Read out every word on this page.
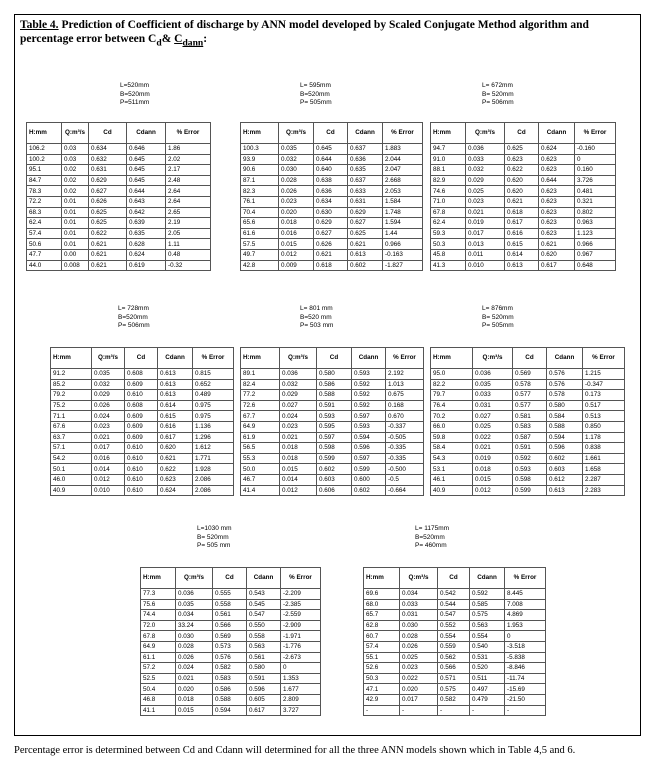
Table 4. Prediction of Coefficient of discharge by ANN model developed by Scaled Conjugate Method algorithm and percentage error between $C_d\&$ $C_{dann}$:
L=520mm
B=520mm
P=511mm
H:mm	Q:m³/s	Cd	Cdann	% Error
106.2	0.03	0.634	0.646	1.86
100.2	0.03	0.632	0.645	2.02
95.1	0.02	0.631	0.645	2.17
84.7	0.02	0.629	0.645	2.48
78.3	0.02	0.627	0.644	2.64
72.2	0.01	0.626	0.643	2.64
68.3	0.01	0.625	0.642	2.65
62.4	0.01	0.625	0.639	2.19
57.4	0.01	0.622	0.635	2.05
50.6	0.01	0.621	0.628	1.11
47.7	0.00	0.621	0.624	0.48
44.0	0.008	0.621	0.619	-0.32
L= 595mm
B=520mm
P= 505mm
H:mm	Q:m³/s	Cd	Cdann	% Error
100.3	0.035	0.645	0.637	1.883
93.9	0.032	0.644	0.636	2.044
90.6	0.030	0.640	0.635	2.047
87.1	0.028	0.638	0.637	2.668
82.3	0.026	0.636	0.633	2.053
76.1	0.023	0.634	0.631	1.584
70.4	0.020	0.630	0.629	1.748
65.6	0.018	0.629	0.627	1.594
61.6	0.016	0.627	0.625	1.44
57.5	0.015	0.626	0.621	0.966
49.7	0.012	0.621	0.613	-0.163
42.8	0.009	0.618	0.602	-1.827
L= 672mm
B= 520mm
P= 506mm
H:mm	Q:m³/s	Cd	Cdann	% Error
94.7	0.036	0.625	0.624	-0.160
91.0	0.033	0.623	0.623	0
88.1	0.032	0.622	0.623	0.160
82.9	0.029	0.620	0.644	3.726
74.6	0.025	0.620	0.623	0.481
71.0	0.023	0.621	0.623	0.321
67.8	0.021	0.618	0.623	0.802
62.4	0.019	0.617	0.623	0.963
59.3	0.017	0.616	0.623	1.123
50.3	0.013	0.615	0.621	0.966
45.8	0.011	0.614	0.620	0.967
41.3	0.010	0.613	0.617	0.648
L= 728mm
B=520mm
P= 506mm
H:mm	Q:m³/s	Cd	Cdann	% Error
91.2	0.035	0.608	0.613	0.815
85.2	0.032	0.609	0.613	0.652
79.2	0.029	0.610	0.613	0.489
75.2	0.026	0.608	0.614	0.975
71.1	0.024	0.609	0.615	0.975
67.6	0.023	0.609	0.616	1.136
63.7	0.021	0.609	0.617	1.296
57.1	0.017	0.610	0.620	1.612
54.2	0.016	0.610	0.621	1.771
50.1	0.014	0.610	0.622	1.928
46.0	0.012	0.610	0.623	2.086
40.9	0.010	0.610	0.624	2.086
L= 801 mm
B=520 mm
P= 503 mm
H:mm	Q:m³/s	Cd	Cdann	% Error
89.1	0.036	0.580	0.593	2.192
82.4	0.032	0.586	0.592	1.013
77.2	0.029	0.588	0.592	0.675
72.6	0.027	0.591	0.592	0.168
67.7	0.024	0.593	0.597	0.670
64.9	0.023	0.595	0.593	-0.337
61.9	0.021	0.597	0.594	-0.505
56.5	0.018	0.598	0.596	-0.335
55.3	0.018	0.599	0.597	-0.335
50.0	0.015	0.602	0.599	-0.500
46.7	0.014	0.603	0.600	-0.5
41.4	0.012	0.606	0.602	-0.664
L= 876mm
B= 520mm
P= 505mm
H:mm	Q:m³/s	Cd	Cdann	% Error
95.0	0.036	0.569	0.576	1.215
82.2	0.035	0.578	0.576	-0.347
79.7	0.033	0.577	0.578	0.173
76.4	0.031	0.577	0.580	0.517
70.2	0.027	0.581	0.584	0.513
66.0	0.025	0.583	0.588	0.850
59.8	0.022	0.587	0.594	1.178
58.4	0.021	0.591	0.596	0.838
54.3	0.019	0.592	0.602	1.661
53.1	0.018	0.593	0.603	1.658
46.1	0.015	0.598	0.612	2.287
40.9	0.012	0.599	0.613	2.283
L=1030 mm
B= 520mm
P= 505 mm
H:mm	Q:m³/s	Cd	Cdann	% Error
77.3	0.036	0.555	0.543	-2.209
75.6	0.035	0.558	0.545	-2.385
74.4	0.034	0.561	0.547	-2.559
72.0	33.24	0.566	0.550	-2.909
67.8	0.030	0.569	0.558	-1.971
64.9	0.028	0.573	0.563	-1.776
61.1	0.026	0.576	0.561	-2.673
57.2	0.024	0.582	0.580	0
52.5	0.021	0.583	0.591	1.353
50.4	0.020	0.586	0.596	1.677
46.8	0.018	0.588	0.605	2.809
41.1	0.015	0.594	0.617	3.727
L= 1175mm
B=520mm
P= 460mm
H:mm	Q:m³/s	Cd	Cdann	% Error
69.6	0.034	0.542	0.592	8.445
68.0	0.033	0.544	0.585	7.008
65.7	0.031	0.547	0.575	4.869
62.8	0.030	0.552	0.563	1.953
60.7	0.028	0.554	0.554	0
57.4	0.026	0.559	0.540	-3.518
55.1	0.025	0.562	0.531	-5.838
52.6	0.023	0.566	0.520	-8.846
50.3	0.022	0.571	0.511	-11.74
47.1	0.020	0.575	0.497	-15.69
42.9	0.017	0.582	0.479	-21.50
-	-	-	-	-
Percentage error is determined between Cd and Cdann will determined for all the three ANN models shown which in Table 4,5 and 6.
